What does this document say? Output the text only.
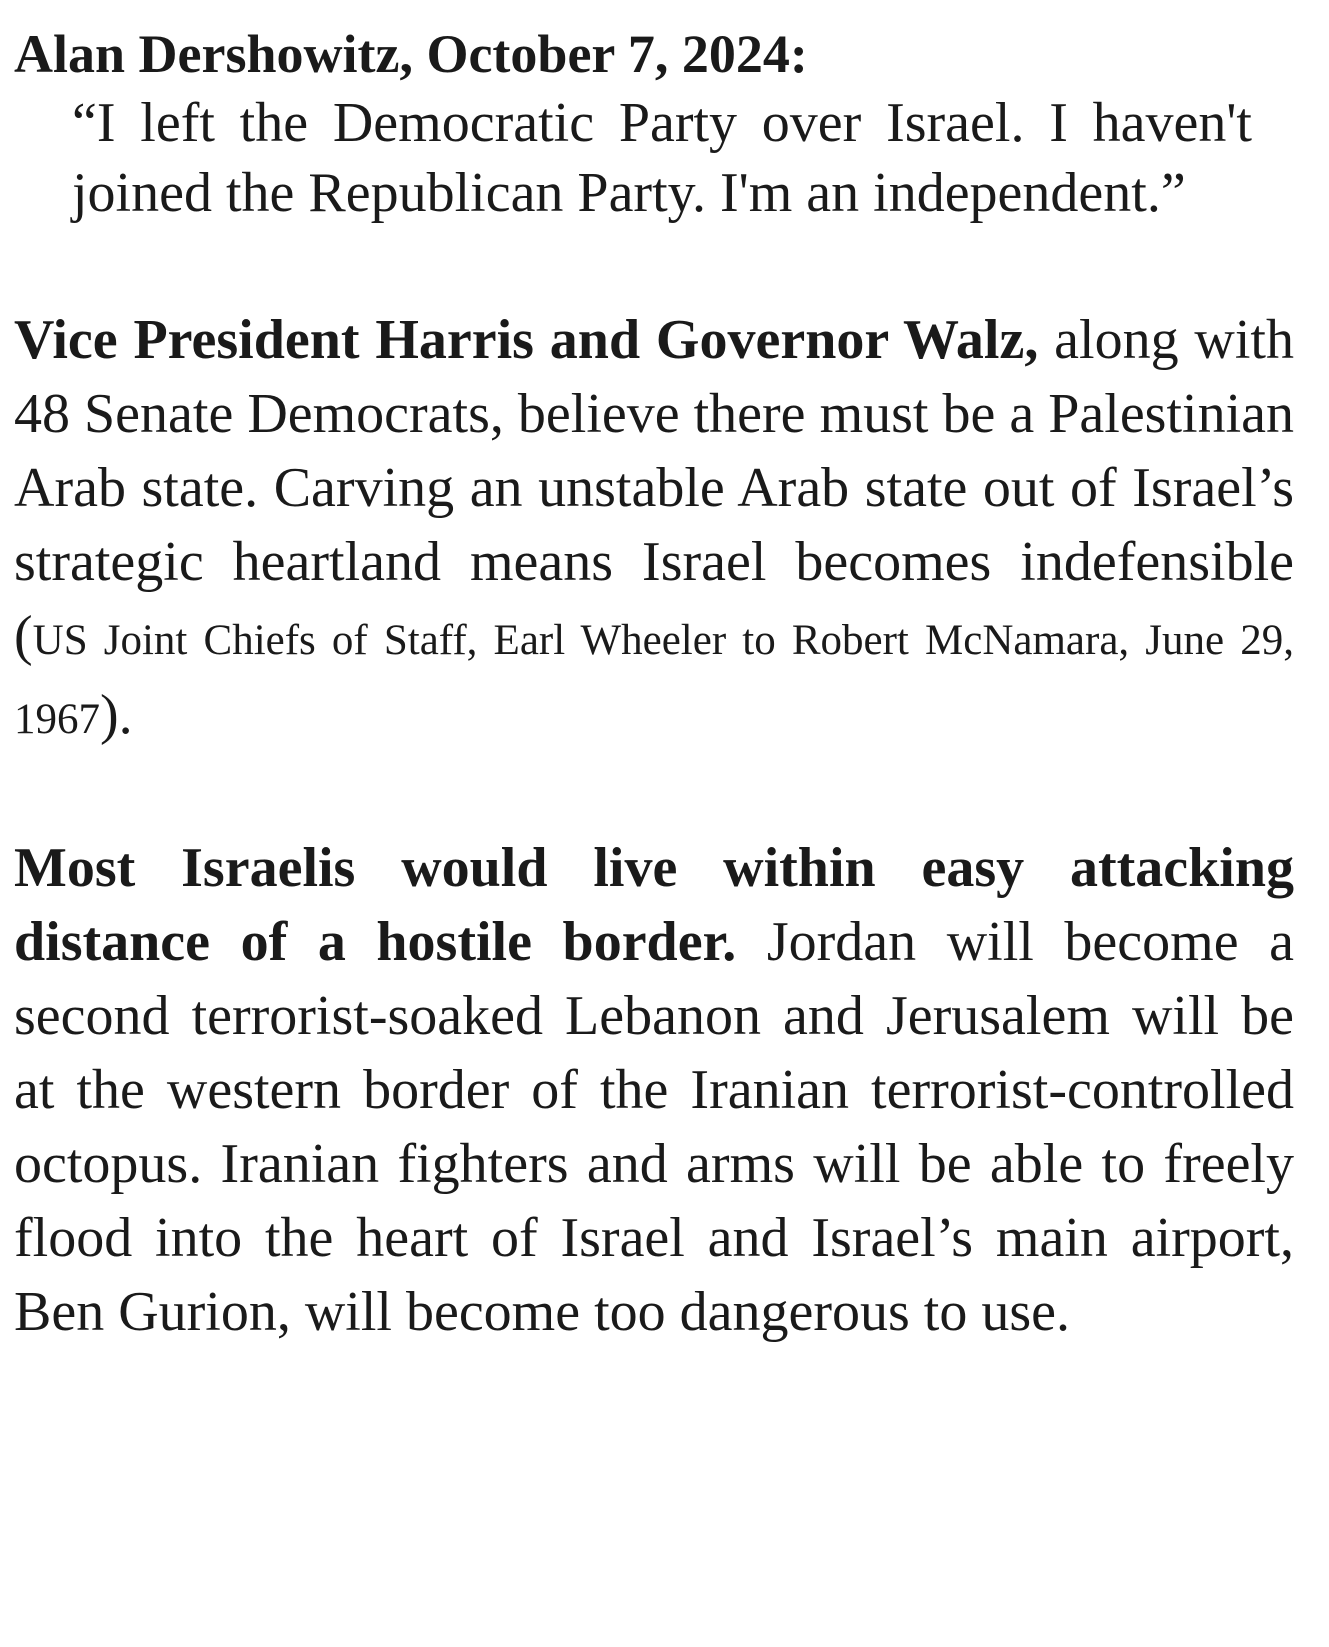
Alan Dershowitz, October 7, 2024:

“I left the Democratic Party over Israel. I haven't joined the Republican Party. I'm an independent.”

Vice President Harris and Governor Walz, along with 48 Senate Democrats, believe there must be a Palestinian Arab state. Carving an unstable Arab state out of Israel’s strategic heartland means Israel becomes indefensible (US Joint Chiefs of Staff, Earl Wheeler to Robert McNamara, June 29, 1967).

Most Israelis would live within easy attacking distance of a hostile border. Jordan will become a second terrorist-soaked Lebanon and Jerusalem will be at the western border of the Iranian terrorist-controlled octopus. Iranian fighters and arms will be able to freely flood into the heart of Israel and Israel’s main airport, Ben Gurion, will become too dangerous to use.
